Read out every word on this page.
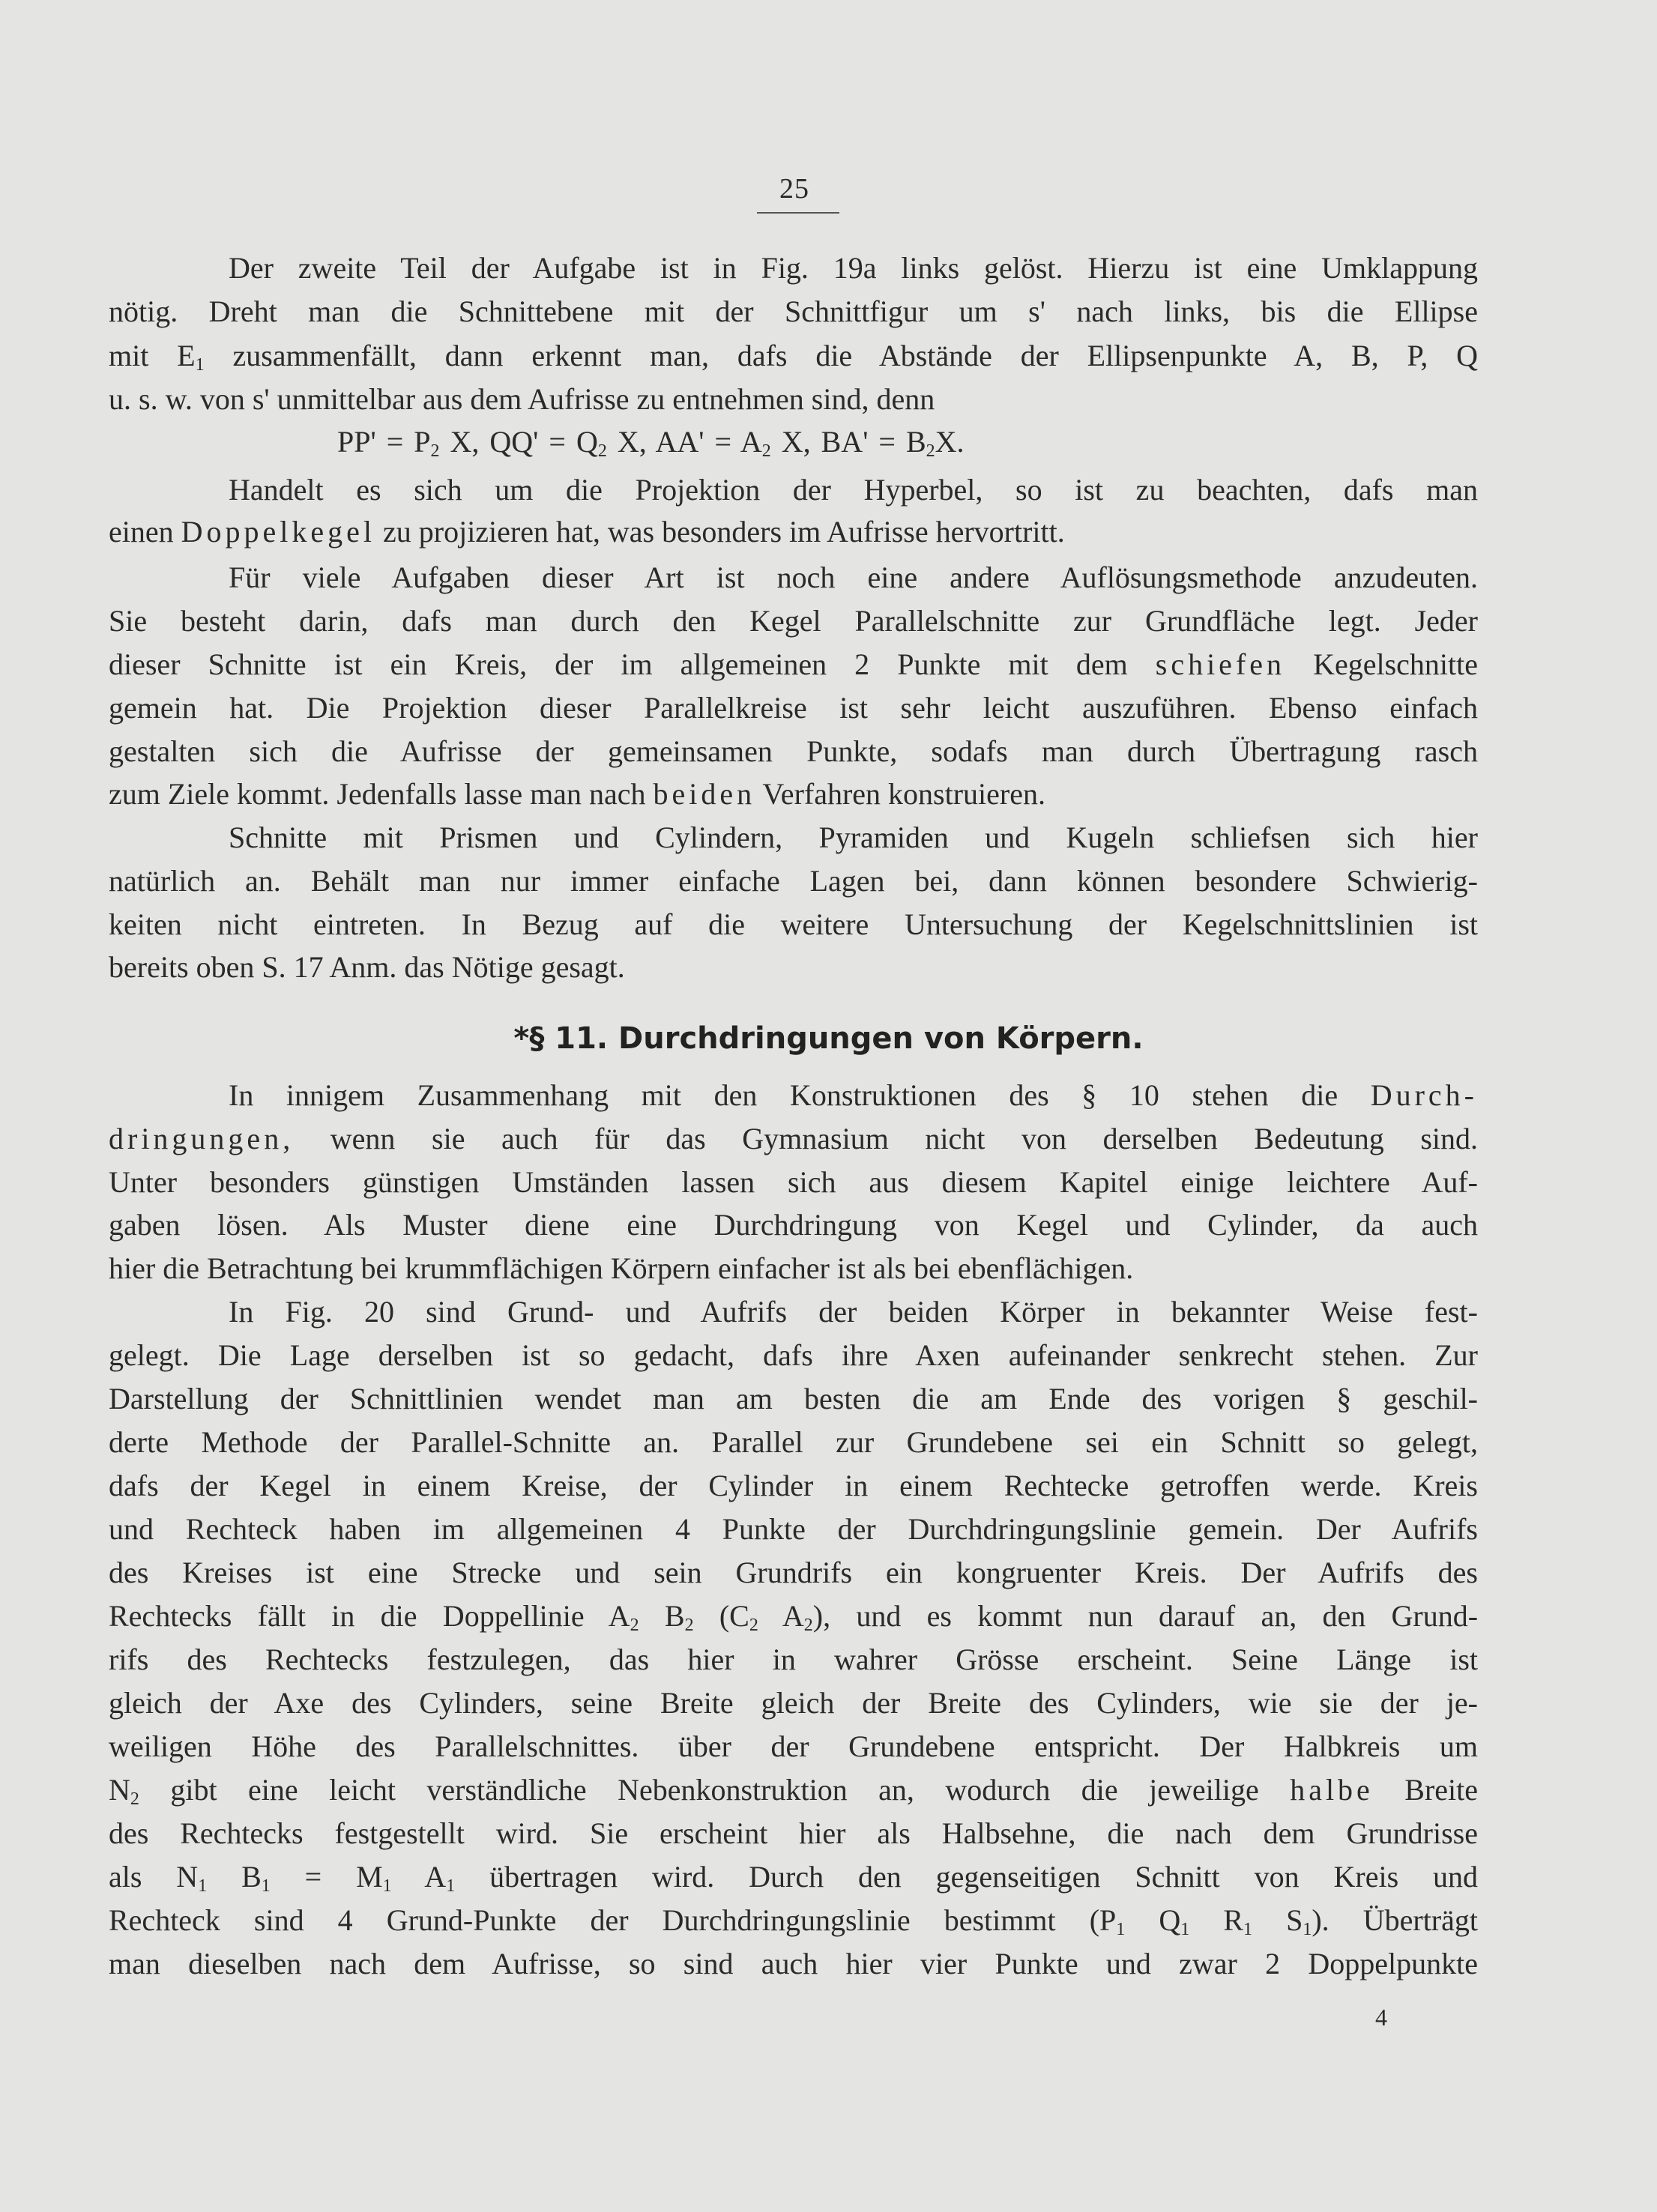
25
Der zweite Teil der Aufgabe ist in Fig. 19a links gelöst. Hierzu ist eine Umklappung
nötig. Dreht man die Schnittebene mit der Schnittfigur um s' nach links, bis die Ellipse
mit $E_1$ zusammenfällt, dann erkennt man, dafs die Abstände der Ellipsenpunkte A, B, P, Q
u. s. w. von s' unmittelbar aus dem Aufrisse zu entnehmen sind, denn
$PP' = P_2$ X, $QQ' = Q_2$ X, $AA' = A_2$ X, $BA' = B_2X$.
Handelt es sich um die Projektion der Hyperbel, so ist zu beachten, dafs man
einen Doppelkegel zu projizieren hat, was besonders im Aufrisse hervortritt.
Für viele Aufgaben dieser Art ist noch eine andere Auflösungsmethode anzudeuten.
Sie besteht darin, dafs man durch den Kegel Parallelschnitte zur Grundfläche legt. Jeder
dieser Schnitte ist ein Kreis, der im allgemeinen 2 Punkte mit dem schiefen Kegelschnitte
gemein hat. Die Projektion dieser Parallelkreise ist sehr leicht auszuführen. Ebenso einfach
gestalten sich die Aufrisse der gemeinsamen Punkte, sodafs man durch Übertragung rasch
zum Ziele kommt. Jedenfalls lasse man nach beiden Verfahren konstruieren.
Schnitte mit Prismen und Cylindern, Pyramiden und Kugeln schliefsen sich hier
natürlich an. Behält man nur immer einfache Lagen bei, dann können besondere Schwierig-
keiten nicht eintreten. In Bezug auf die weitere Untersuchung der Kegelschnittslinien ist
bereits oben S. 17 Anm. das Nötige gesagt.
*§ 11. Durchdringungen von Körpern.
In innigem Zusammenhang mit den Konstruktionen des § 10 stehen die Durch-
dringungen, wenn sie auch für das Gymnasium nicht von derselben Bedeutung sind.
Unter besonders günstigen Umständen lassen sich aus diesem Kapitel einige leichtere Auf-
gaben lösen. Als Muster diene eine Durchdringung von Kegel und Cylinder, da auch
hier die Betrachtung bei krummflächigen Körpern einfacher ist als bei ebenflächigen.
In Fig. 20 sind Grund- und Aufrifs der beiden Körper in bekannter Weise fest-
gelegt. Die Lage derselben ist so gedacht, dafs ihre Axen aufeinander senkrecht stehen. Zur
Darstellung der Schnittlinien wendet man am besten die am Ende des vorigen § geschil-
derte Methode der Parallel-Schnitte an. Parallel zur Grundebene sei ein Schnitt so gelegt,
dafs der Kegel in einem Kreise, der Cylinder in einem Rechtecke getroffen werde. Kreis
und Rechteck haben im allgemeinen 4 Punkte der Durchdringungslinie gemein. Der Aufrifs
des Kreises ist eine Strecke und sein Grundrifs ein kongruenter Kreis. Der Aufrifs des
Rechtecks fällt in die Doppellinie $A_2$ $B_2$ ($C_2$ $A_2$), und es kommt nun darauf an, den Grund-
rifs des Rechtecks festzulegen, das hier in wahrer Grösse erscheint. Seine Länge ist
gleich der Axe des Cylinders, seine Breite gleich der Breite des Cylinders, wie sie der je-
weiligen Höhe des Parallelschnittes. über der Grundebene entspricht. Der Halbkreis um
$N_2$ gibt eine leicht verständliche Nebenkonstruktion an, wodurch die jeweilige halbe Breite
des Rechtecks festgestellt wird. Sie erscheint hier als Halbsehne, die nach dem Grundrisse
als $N_1$ $B_1 = M_1$ $A_1$ übertragen wird. Durch den gegenseitigen Schnitt von Kreis und
Rechteck sind 4 Grund-Punkte der Durchdringungslinie bestimmt ($P_1$ $Q_1$ $R_1$ $S_1$). Überträgt
man dieselben nach dem Aufrisse, so sind auch hier vier Punkte und zwar 2 Doppelpunkte
4
